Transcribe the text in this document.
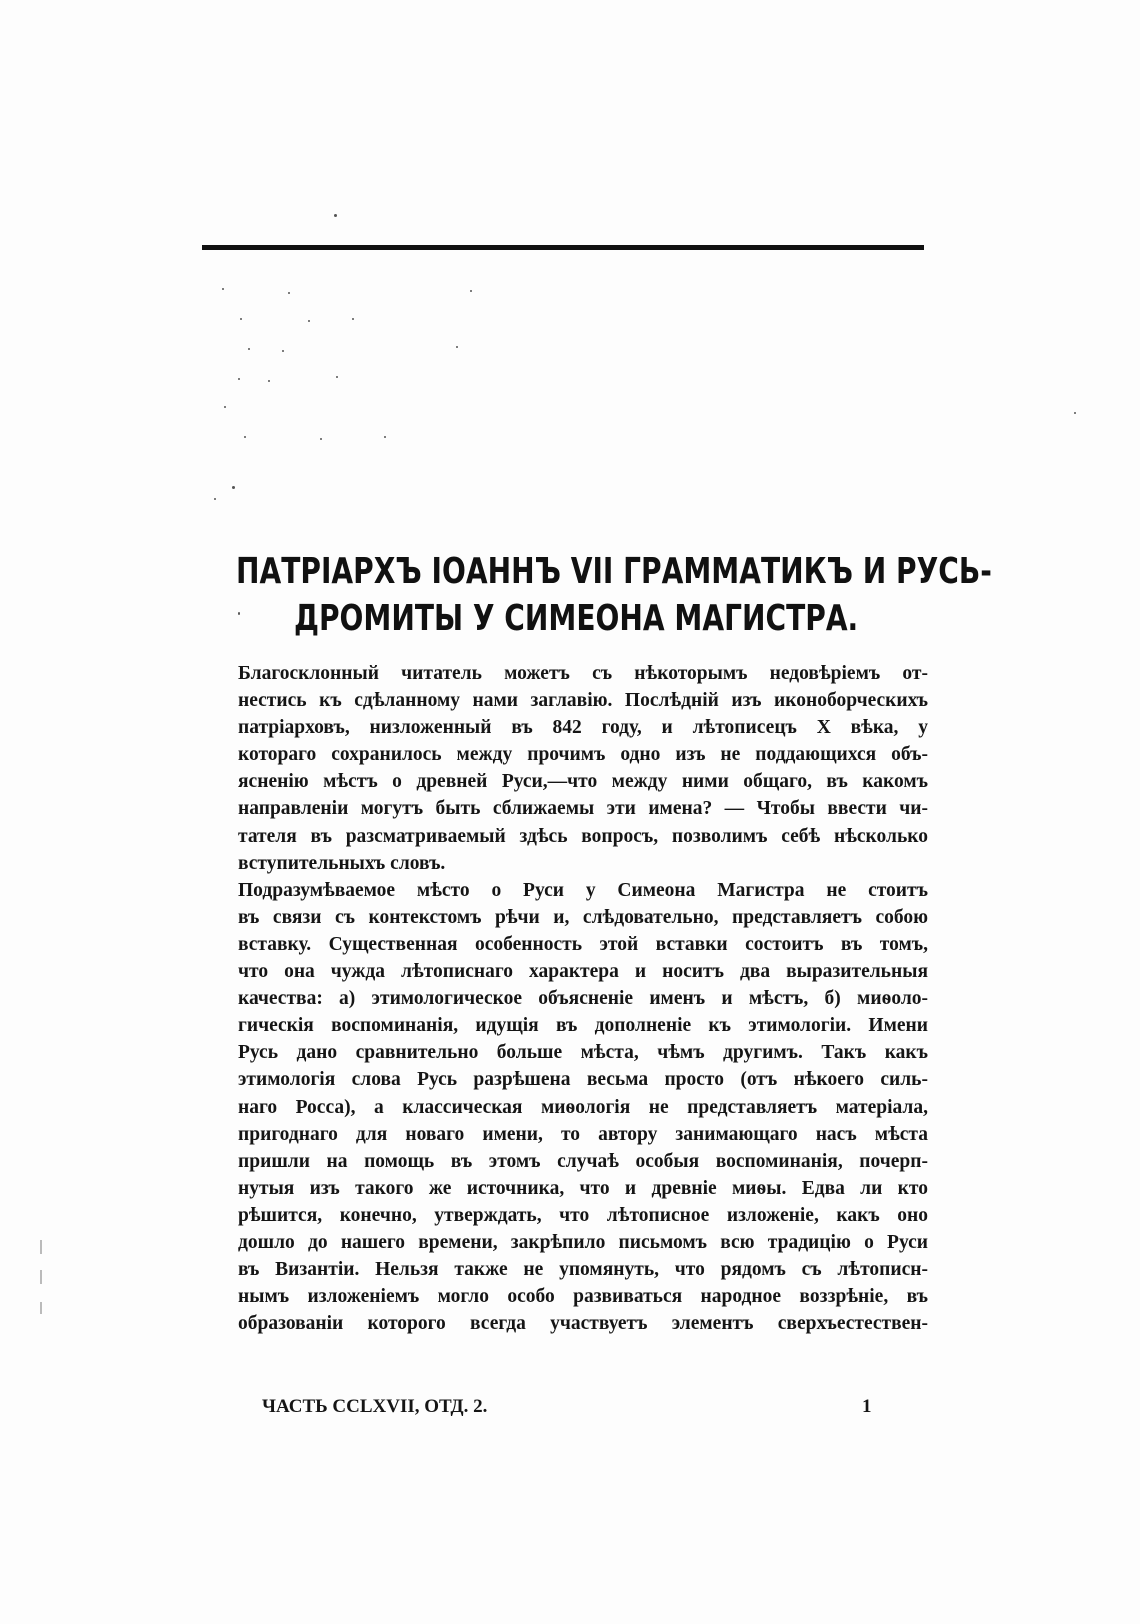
ПАТРІАРХЪ ІОАННЪ VII ГРАММАТИКЪ И РУСЬ-
ДРОМИТЫ У СИМЕОНА МАГИСТРА.
Благосклонный читатель можетъ съ нѣкоторымъ недовѣріемъ от-
нестись къ сдѣланному нами заглавію. Послѣдній изъ иконоборческихъ
патріарховъ, низложенный въ 842 году, и лѣтописецъ X вѣка, у
котораго сохранилось между прочимъ одно изъ не поддающихся объ-
ясненію мѣстъ о древней Руси,—что между ними общаго, въ какомъ
направленіи могутъ быть сближаемы эти имена? — Чтобы ввести чи-
тателя въ разсматриваемый здѣсь вопросъ, позволимъ себѣ нѣсколько
вступительныхъ словъ.
Подразумѣваемое мѣсто о Руси у Симеона Магистра не стоитъ
въ связи съ контекстомъ рѣчи и, слѣдовательно, представляетъ собою
вставку. Существенная особенность этой вставки состоитъ въ томъ,
что она чужда лѣтописнаго характера и носитъ два выразительныя
качества: а) этимологическое объясненіе именъ и мѣстъ, б) миѳоло-
гическія воспоминанія, идущія въ дополненіе къ этимологіи. Имени
Русь дано сравнительно больше мѣста, чѣмъ другимъ. Такъ какъ
этимологія слова Русь разрѣшена весьма просто (отъ нѣкоего силь-
наго Росса), а классическая миѳологія не представляетъ матеріала,
пригоднаго для новаго имени, то автору занимающаго насъ мѣста
пришли на помощь въ этомъ случаѣ особыя воспоминанія, почерп-
нутыя изъ такого же источника, что и древніе миѳы. Едва ли кто
рѣшится, конечно, утверждать, что лѣтописное изложеніе, какъ оно
дошло до нашего времени, закрѣпило письмомъ всю традицію о Руси
въ Византіи. Нельзя также не упомянуть, что рядомъ съ лѣтописн-
нымъ изложеніемъ могло особо развиваться народное воззрѣніе, въ
образованіи которого всегда участвуетъ элементъ сверхъестествен-
ЧАСТЬ CCLXVII, ОТД. 2.	1
